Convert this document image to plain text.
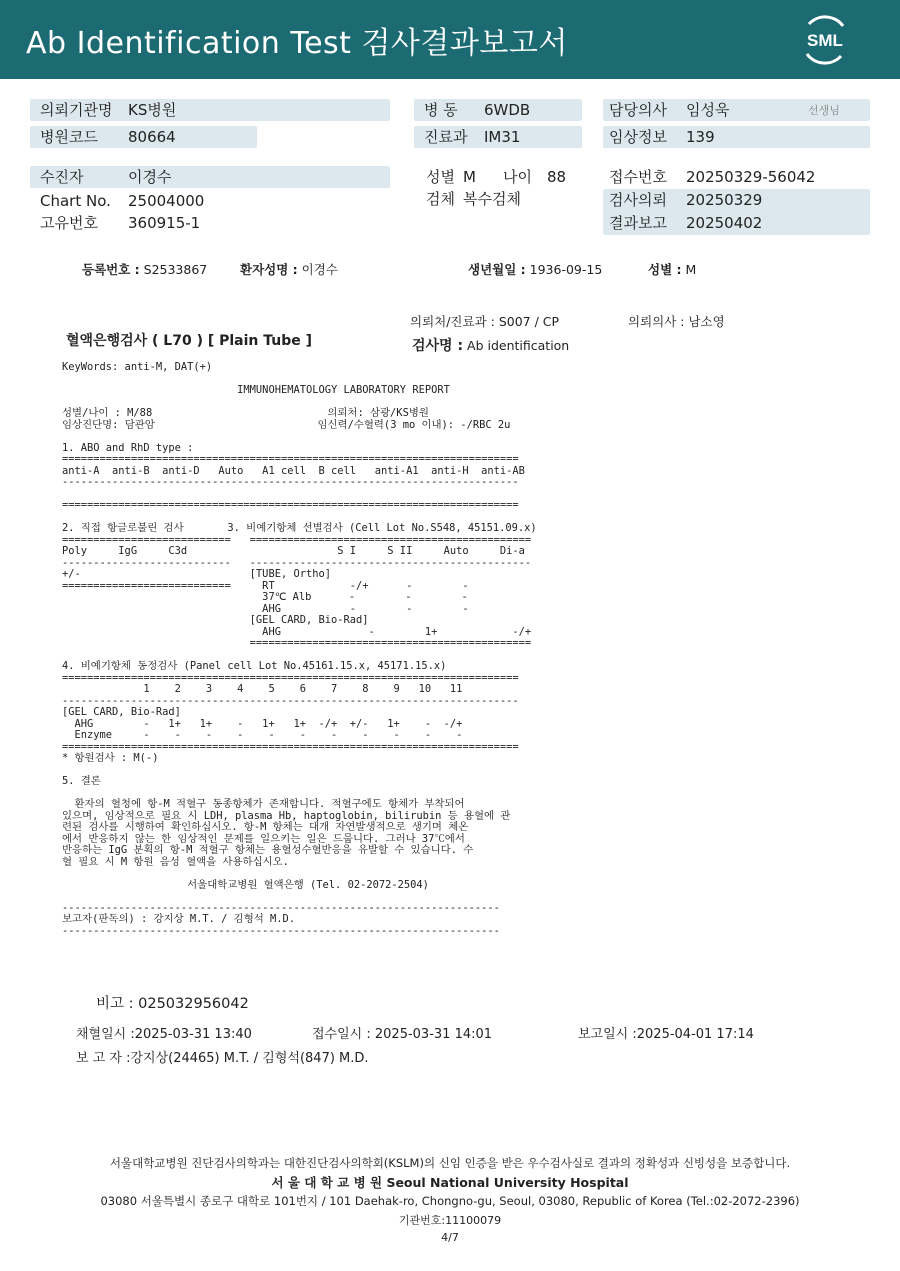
Ab Identification Test 검사결과보고서	SML
의뢰기관명 KS병원
병원코드 80664
병 동 6WDB
진료과 IM31
담당의사 임성욱	선생님
임상정보 139
수진자	이경수
Chart No. 25004000
고유번호 360915-1
성별 M 나이 88
검체 복수검체
접수번호 20250329-56042
검사의뢰 20250329
결과보고 20250402
등록번호 : S2533867	환자성명 : 이경수	생년월일 : 1936-09-15	성별 : M
의뢰처/진료과 : S007 / CP	의뢰의사 : 남소영
혈액은행검사 ( L70 ) [ Plain Tube ]	검사명 : Ab identification
KeyWords: anti-M, DAT(+)

IMMUNOHEMATOLOGY LABORATORY REPORT

성별/나이 : M/88                            의뢰처: 삼광/KS병원
임상진단명: 담관암                          임신력/수혈력(3 mo 이내): -/RBC 2u

1. ABO and RhD type :
=========================================================================
anti-A  anti-B  anti-D   Auto   A1 cell  B cell   anti-A1  anti-H  anti-AB
-------------------------------------------------------------------------

=========================================================================

2. 직접 항글로불린 검사       3. 비예기항체 선별검사 (Cell Lot No.S548, 45151.09.x)
===========================   =============================================
Poly     IgG     C3d                        S I     S II     Auto     Di-a
---------------------------   ---------------------------------------------
+/-                           [TUBE, Ortho]
===========================     RT            -/+      -        -
37℃ Alb      -        -        -
AHG           -        -        -
[GEL CARD, Bio-Rad]
AHG              -        1+            -/+
=============================================

4. 비예기항체 동정검사 (Panel cell Lot No.45161.15.x, 45171.15.x)
=========================================================================
1    2    3    4    5    6    7    8    9   10   11
-------------------------------------------------------------------------
[GEL CARD, Bio-Rad]
AHG        -   1+   1+    -   1+   1+  -/+  +/-   1+    -  -/+
Enzyme     -    -    -    -    -    -    -    -    -    -    -
=========================================================================
* 항원검사 : M(-)

5. 결론

환자의 혈청에 항-M 적혈구 동종항체가 존재합니다. 적혈구에도 항체가 부착되어
있으며, 임상적으로 필요 시 LDH, plasma Hb, haptoglobin, bilirubin 등 용혈에 관
련된 검사를 시행하여 확인하십시오. 항-M 항체는 대개 자연발생적으로 생기며 체온
에서 반응하지 않는 한 임상적인 문제를 일으키는 일은 드뭅니다. 그러나 37℃에서
반응하는 IgG 분획의 항-M 적혈구 항체는 용혈성수혈반응을 유발할 수 있습니다. 수
혈 필요 시 M 항원 음성 혈액을 사용하십시오.

서울대학교병원 혈액은행 (Tel. 02-2072-2504)

----------------------------------------------------------------------
보고자(판독의) : 강지상 M.T. / 김형석 M.D.
----------------------------------------------------------------------
비고 : 025032956042
채혈일시 :2025-03-31 13:40	접수일시 : 2025-03-31 14:01	보고일시 :2025-04-01 17:14
보 고 자 :강지상(24465) M.T. / 김형석(847) M.D.
서울대학교병원 진단검사의학과는 대한진단검사의학회(KSLM)의 신임 인증을 받은 우수검사실로 결과의 정확성과 신빙성을 보증합니다.
서 울 대 학 교 병 원 Seoul National University Hospital
03080 서울특별시 종로구 대학로 101번지 / 101 Daehak-ro, Chongno-gu, Seoul, 03080, Republic of Korea (Tel.:02-2072-2396)
기관번호:11100079
4/7
